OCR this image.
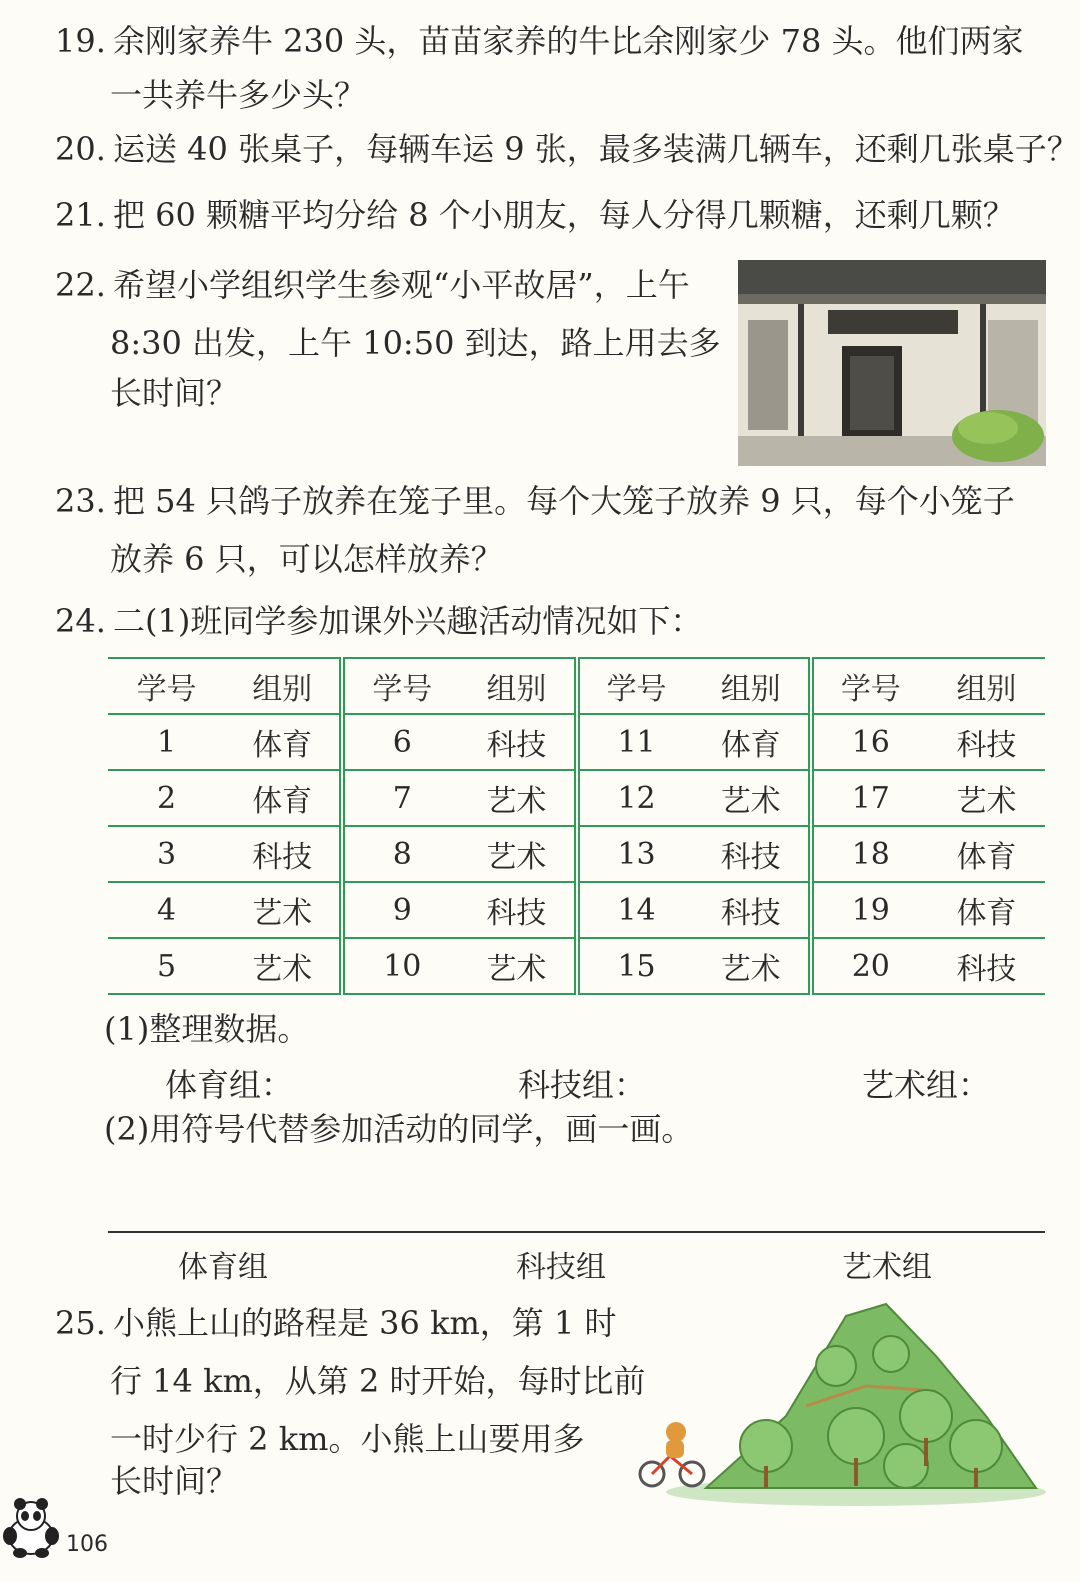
19. 余刚家养牛 230 头，苗苗家养的牛比余刚家少 78 头。他们两家

一共养牛多少头？

20. 运送 40 张桌子，每辆车运 9 张，最多装满几辆车，还剩几张桌子？

21. 把 60 颗糖平均分给 8 个小朋友，每人分得几颗糖，还剩几颗？

22. 希望小学组织学生参观“小平故居”，上午

8:30 出发，上午 10:50 到达，路上用去多

长时间？

23. 把 54 只鸽子放养在笼子里。每个大笼子放养 9 只，每个小笼子

放养 6 只，可以怎样放养？

24. 二(1)班同学参加课外兴趣活动情况如下：

学号	组别	学号	组别	学号	组别	学号	组别
1	体育	6	科技	11	体育	16	科技
2	体育	7	艺术	12	艺术	17	艺术
3	科技	8	艺术	13	科技	18	体育
4	艺术	9	科技	14	科技	19	体育
5	艺术	10	艺术	15	艺术	20	科技

(1)整理数据。

体育组：	科技组：	艺术组：

(2)用符号代替参加活动的同学，画一画。

体育组	科技组	艺术组

25. 小熊上山的路程是 36 km，第 1 时

行 14 km，从第 2 时开始，每时比前

一时少行 2 km。小熊上山要用多

长时间？

106
